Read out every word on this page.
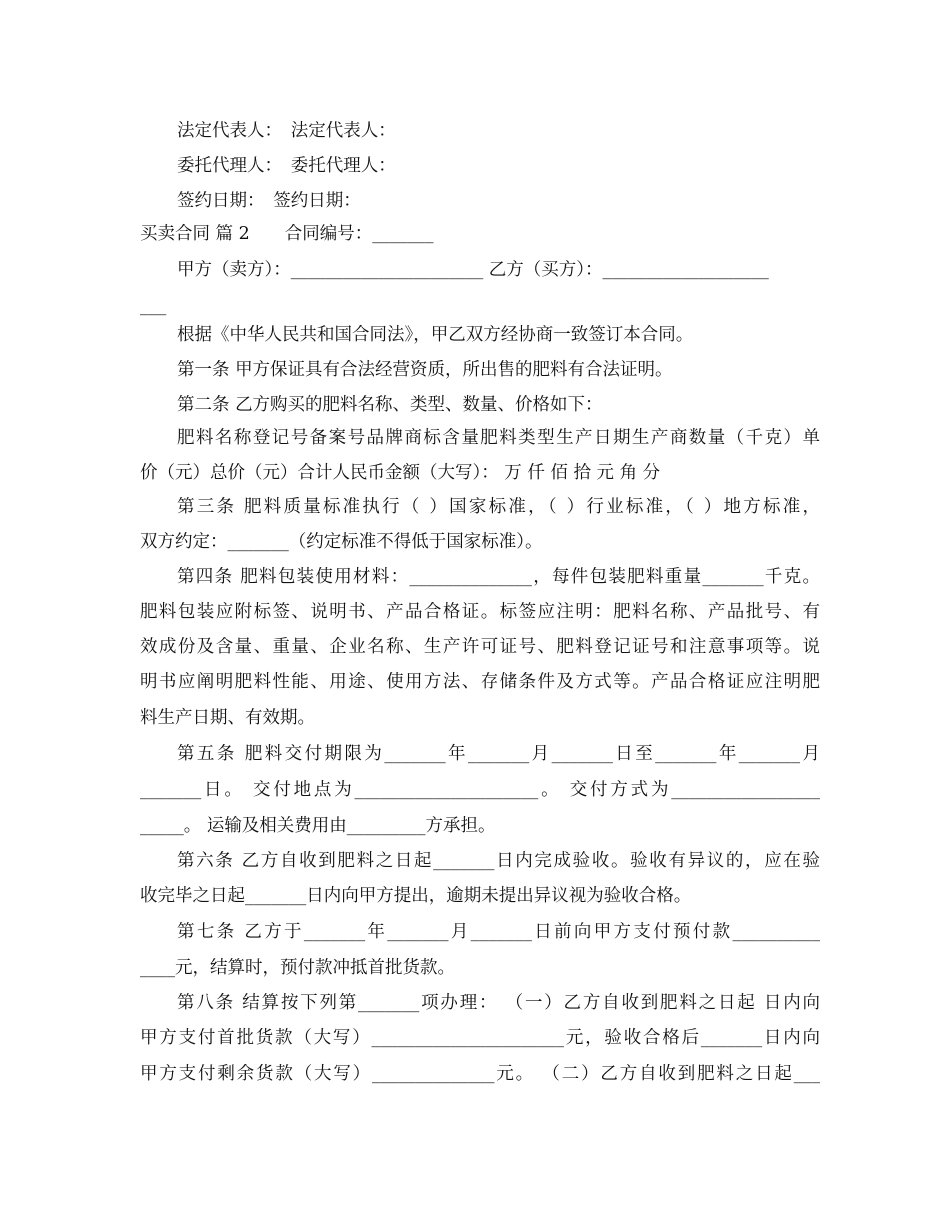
法定代表人：　法定代表人：
委托代理人：　委托代理人：
签约日期：　签约日期：
买卖合同 篇 2　　合同编号：_______
甲方（卖方）：______________________ 乙方（买方）：___________________
___
根据《中华人民共和国合同法》，甲乙双方经协商一致签订本合同。
第一条 甲方保证具有合法经营资质，所出售的肥料有合法证明。
第二条 乙方购买的肥料名称、类型、数量、价格如下：
肥料名称登记号备案号品牌商标含量肥料类型生产日期生产商数量（千克）单
价（元）总价（元）合计人民币金额（大写）： 万 仟 佰 拾 元 角 分
第三条 肥料质量标准执行（ ）国家标准，（ ）行业标准，（ ）地方标准，
双方约定：_______（约定标准不得低于国家标准）。
第四条 肥料包装使用材料：______________，每件包装肥料重量_______千克。
肥料包装应附标签、说明书、产品合格证。标签应注明：肥料名称、产品批号、有
效成份及含量、重量、企业名称、生产许可证号、肥料登记证号和注意事项等。说
明书应阐明肥料性能、用途、使用方法、存储条件及方式等。产品合格证应注明肥
料生产日期、有效期。
第五条 肥料交付期限为_______年_______月_______日至_______年_______月
_______日。 交付地点为_____________________。 交付方式为_________________
_____。 运输及相关费用由_________方承担。
第六条 乙方自收到肥料之日起_______日内完成验收。验收有异议的，应在验
收完毕之日起_______日内向甲方提出，逾期未提出异议视为验收合格。
第七条 乙方于_______年_______月_______日前向甲方支付预付款__________
____元，结算时，预付款冲抵首批货款。
第八条 结算按下列第_______项办理： （一）乙方自收到肥料之日起 日内向
甲方支付首批货款（大写）______________________元，验收合格后_______日内向
甲方支付剩余货款（大写）______________元。 （二）乙方自收到肥料之日起___
